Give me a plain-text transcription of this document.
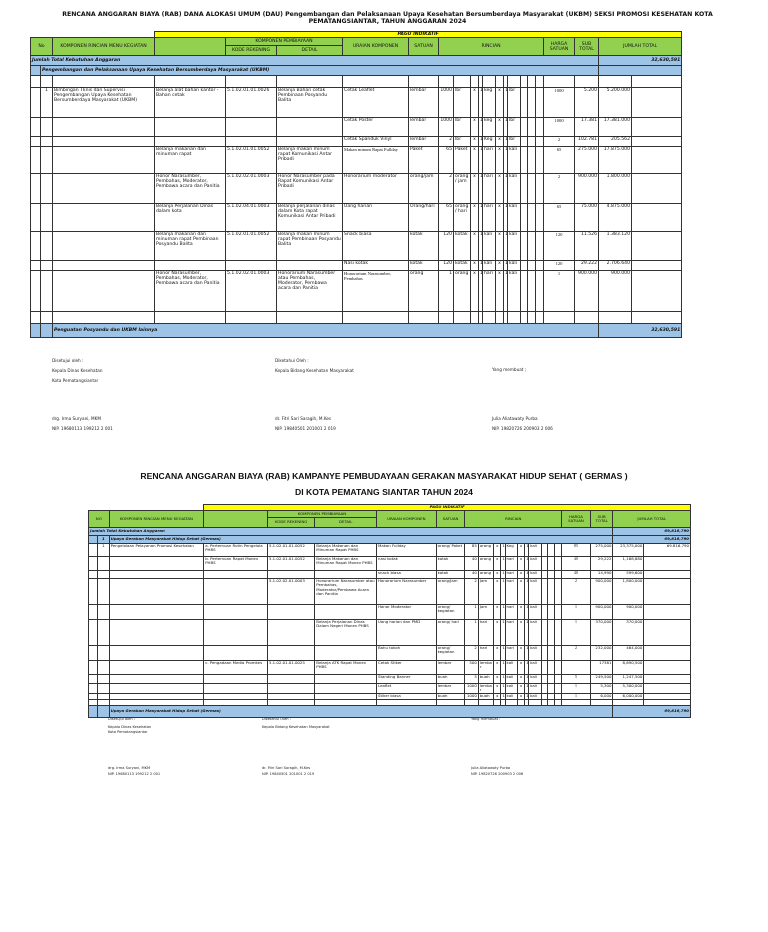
RENCANA ANGGARAN BIAYA (RAB) DANA ALOKASI UMUM (DAU) Pengembangan dan Pelaksanaan Upaya Kesehatan Bersumberdaya Masyarakat (UKBM) SEKSI PROMOSI KESEHATAN KOTA PEMATANGSIANTAR, TAHUN ANGGARAN 2024
			PAGU INDIKATIF																			
No		KOMPONEN RINCIAN MENU KEGIATAN		KOMPONEN PEMBIAYAAN		URAIAN KOMPONEN	SATUAN	RINCIAN											HARGA SATUAN	SUB TOTAL	JUMLAH TOTAL	
				KODE REKENING	DETAIL																	
Jumlah Total Kebutuhan Anggaran																					32,630,591	
	Pengembangan dan Pelaksanaan Upaya Kesehatan Bersumberdaya Masyarakat (UKBM)																					

	1	Bimbingan Tknis dan Supervisi Pengembangan Upaya Kesehatan Bersumberdaya Masyarakat (UKBM)	Belanja alat bahan kantor - Bahan cetak	5.1.02.01.01.0026	Belanja Bahan cetak Pembinaan Posyandu Balita	Cetak Leaflet	lembar	1000	lbr	x	1	keg	x	1	lbr				1000	5.200	5.200.000	
						Cetak Poster	lembar	1000	lbr	x	1	keg	x	1	lbr				1000	17.381	17.381.000	
						Cetak Spanduk Vinyl	lembar	2	lbr	x	1	Keg	x	1	lbr				2	102.781	205.562	
			Belanja makanan dan minuman rapat	5.1.02.01.01.0052	Belanja makan minum rapat Komunikasi Antar Pribadi	Makan minum Rapat Fullday	Paket	65	Paket	x	1	hari	x	1	kali				65	275.000	17.875.000	
			Honor Narasumber, Pembahas, Moderator, Pembawa acara dan Panitia	5.1.02.02.01.0003	Honor Narasumber pada Rapat Komunikasi Antar Pribadi	Honorarium moderator	orang/jam	2	orang/ jam	x	1	hari	x	1	kali				2	900.000	1.800.000	
			Belanja Perjalanan Dinas dalam kota	5.1.02.04.01.0003	Belanja perjalanan dinas dalam Kota rapat Komunikasi Antar Pribadi	Uang harian	Orang/hari	65	orang/ hari	x	1	hari	x	1	kali				65	75.000	4.875.000	
			Belanja makanan dan minuman rapat Pembinaan Posyandu Balita	5.1.02.01.01.0052	Belanja makan minum rapat Pembinaan Posyandu Balita	Snack biasa	kotak	120	kotak	x	1	kali	x	1	kali				120	11.526	1.383.120	
						Nasi kotak	kotak	120	kotak	x	1	kali	x	1	kali				120	29.222	2.706.640	
			Honor Narasumber, Pembahas, Moderator, Pembawa acara dan Panitia	5.1.02.02.01.0003	Honorarium Narasumber atau Pembahas, Moderator, Pembawa acara dan Panitia	Honorarium Narasumber, Pembahas	orang	1	orang	x	1	hari	x	1	kali				1	900.000	900.000	

		Penguatan Posyandu dan UKBM lainnya																			32,630,591	
Disetujui oleh :
Kepala Dinas Kesehatan
Kota Pematangsiantar
Diketahui Oleh :
Kepala Bidang Kesehatan Masyarakat	Yang membuat ;
drg. Irma Suryani, MKM
NIP. 19680113 199212 2 001
dr. Fitri Sari Saragih, M.Kes
NIP. 19840501 201001 2 019
Julia Aliatawaty Purba
NIP. 19820726 200903 2 006
RENCANA ANGGARAN BIAYA (RAB) KAMPANYE PEMBUDAYAAN GERAKAN MASYARAKAT HIDUP SEHAT ( GERMAS )
DI KOTA PEMATANG SIANTAR TAHUN 2024
			PAGU INDIKATIF																			
NO		KOMPONEN RINCIAN MENU KEGIATAN		KOMPONEN PEMBIAYAAN		URAIAN KOMPONEN	SATUAN	RINCIAN											HARGA SATUAN	SUB TOTAL	JUMLAH TOTAL	
				KODE REKENING	DETAIL																	
Jumlah Total Kebutuhan Anggaran																					69,816,790	
	1	Upaya Gerakan Masyarakat Hidup Sehat (Germas)																			69,816,790	
	1	Pengelolaan Pelayanan Promosi Kesehatan	a. Pertemuan Rutin Pengelola PHBS	5.1.02.01.01.0052	Belanja Makanan dan Minuman Rapat PHBS	Makan Fullday	orang/ Paket	85	orang	x	1	Keg	x	1	kali				85	275,000	23,375,000	69.816.790
			b. Pertemuan Rapat Monev PHBS	5.1.02.01.01.0052	Belanja Makanan dan Minuman Rapat Monev PHBS	nasi kotak	kotak	40	orang	x	1	hari	x	1	kali				40	29,222	1,168,880	
						snack biasa	kotak	40	orang	x	1	hari	x	1	kali				40	14,990	599,600	
				5.1.02.02.01.0003	Honorarium Narasumber atau Pembahas, Moderator/Pembawa Acara dan Panitia	Honorarium Narasumber	orang/Jam	2	Jam	x	1	hari	x	1	kali				2	900,000	1,800,000	
						Honor Moderator	orang/ kegiatan	1	Jam	x	1	hari	x	1	kali				1	900,000	900,000	
					Belanja Perjalanan Dinas Dalam Negeri Monev PHBS	Uang harian dan PMD	orang/ hari	1	hari	x	1	hari	x	1	kali				1	370,000	370,000	
						Bahu tokoh	orang/ kegiatan	2	hari	x	1	hari	x	1	kali				2	232,000	464,000	
			c. Pengadaan Media Promkes	5.1.02.01.01.0025	Belanja ATK Rapat Monev PHBS	Cetak Stiker	lembar	500	lembar	x	1	kali	x	1	kali					17381	8,690,500	
						Standing Banner	buah	5	buah	x	1	kali	x	1	kali				5	249,500	1,247,500	
						Leaflet	lembar	1000	lembar	x	1	kali	x	1	kali				1	5,300	5,300,000	
						Stiker biasa	buah	1000	buah	x	1	kali	x	1	kali				1	6,000	6,000,000	

		Upaya Gerakan Masyarakat Hidup Sehat (Germas)																			69,816,790	
Disetujui oleh :
Kepala Dinas Kesehatan
Kota Pematangsiantar
Diketahui Oleh :
Kepala Bidang Kesehatan Masyarakat
Yang membuat :
drg. Irma Suryani, MKM
NIP. 19680113 199212 2 001
dr. Fitri Sari Saragih, M.Kes
NIP. 19840501 201001 2 019
Julia Aliatawaty Purba
NIP. 19820726 200903 2 006
